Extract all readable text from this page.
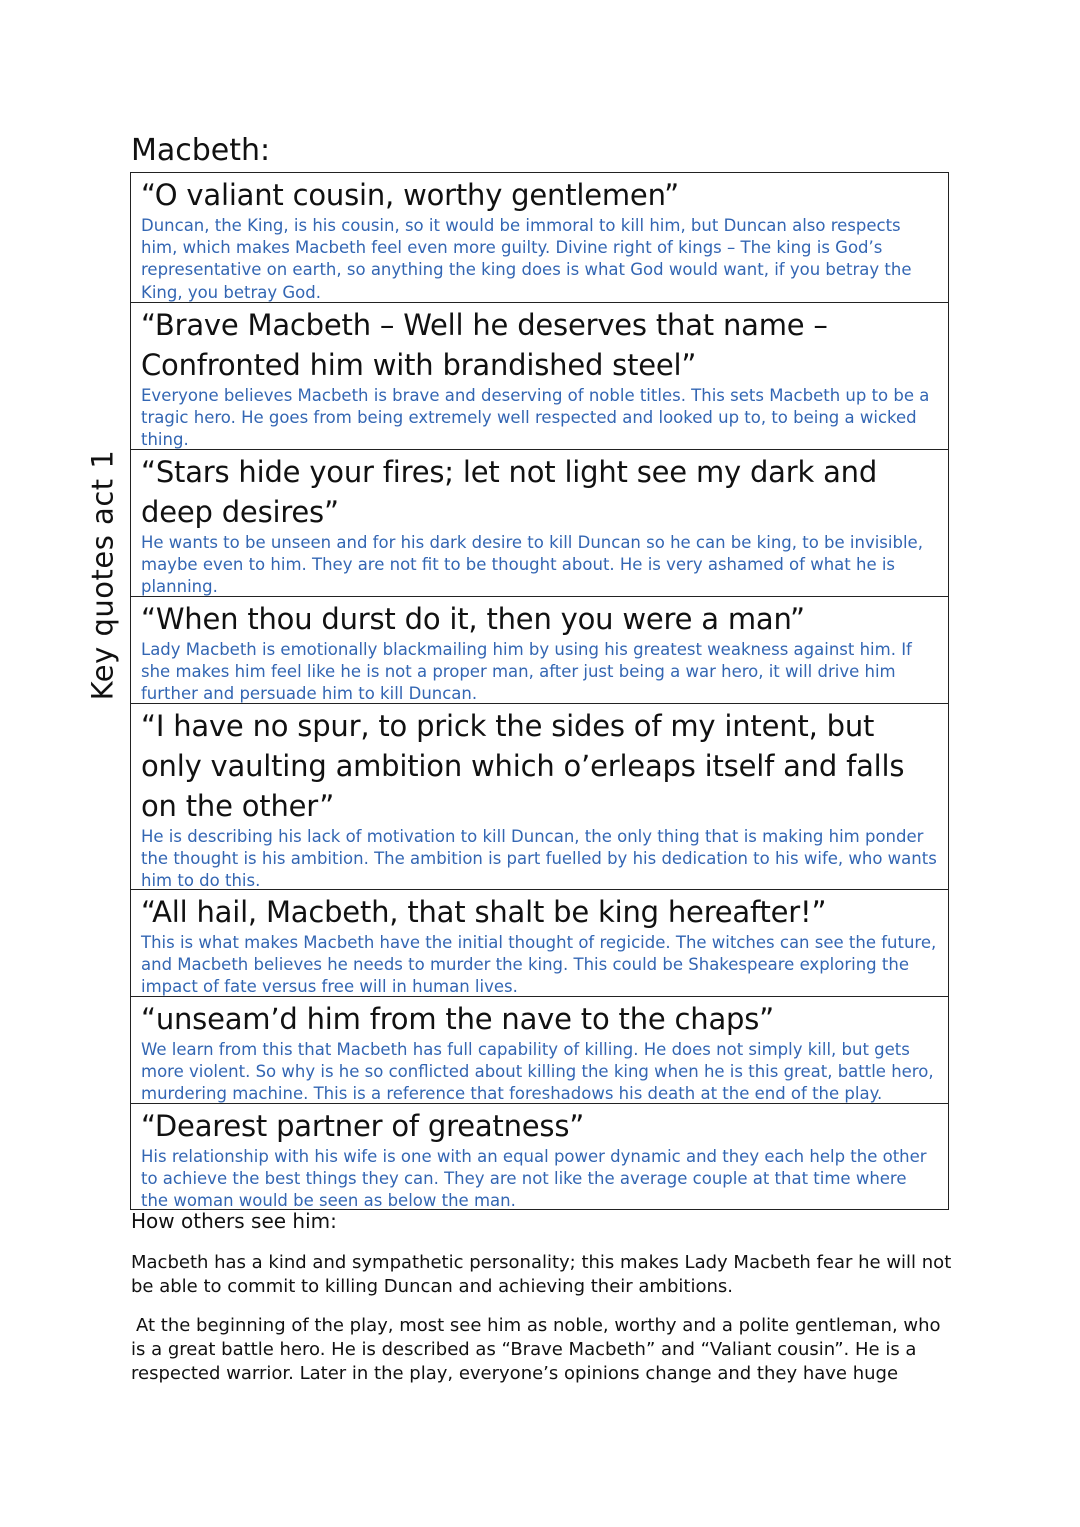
Key quotes act 1
Macbeth:

“O valiant cousin, worthy gentlemen”

Duncan, the King, is his cousin, so it would be immoral to kill him, but Duncan also respects him, which makes Macbeth feel even more guilty. Divine right of kings – The king is God’s representative on earth, so anything the king does is what God would want, if you betray the King, you betray God.

“Brave Macbeth – Well he deserves that name – Confronted him with brandished steel”

Everyone believes Macbeth is brave and deserving of noble titles. This sets Macbeth up to be a tragic hero. He goes from being extremely well respected and looked up to, to being a wicked thing.

“Stars hide your fires; let not light see my dark and deep desires”

He wants to be unseen and for his dark desire to kill Duncan so he can be king, to be invisible, maybe even to him. They are not fit to be thought about. He is very ashamed of what he is planning.

“When thou durst do it, then you were a man”

Lady Macbeth is emotionally blackmailing him by using his greatest weakness against him. If she makes him feel like he is not a proper man, after just being a war hero, it will drive him further and persuade him to kill Duncan.

“I have no spur, to prick the sides of my intent, but only vaulting ambition which o’erleaps itself and falls on the other”

He is describing his lack of motivation to kill Duncan, the only thing that is making him ponder the thought is his ambition. The ambition is part fuelled by his dedication to his wife, who wants him to do this.

“All hail, Macbeth, that shalt be king hereafter!”

This is what makes Macbeth have the initial thought of regicide. The witches can see the future, and Macbeth believes he needs to murder the king. This could be Shakespeare exploring the impact of fate versus free will in human lives.

“unseam’d him from the nave to the chaps”

We learn from this that Macbeth has full capability of killing. He does not simply kill, but gets more violent. So why is he so conflicted about killing the king when he is this great, battle hero, murdering machine. This is a reference that foreshadows his death at the end of the play.

“Dearest partner of greatness”

His relationship with his wife is one with an equal power dynamic and they each help the other to achieve the best things they can. They are not like the average couple at that time where the woman would be seen as below the man.

How others see him:

Macbeth has a kind and sympathetic personality; this makes Lady Macbeth fear he will not be able to commit to killing Duncan and achieving their ambitions.

At the beginning of the play, most see him as noble, worthy and a polite gentleman, who is a great battle hero. He is described as “Brave Macbeth” and “Valiant cousin”. He is a respected warrior. Later in the play, everyone’s opinions change and they have huge
